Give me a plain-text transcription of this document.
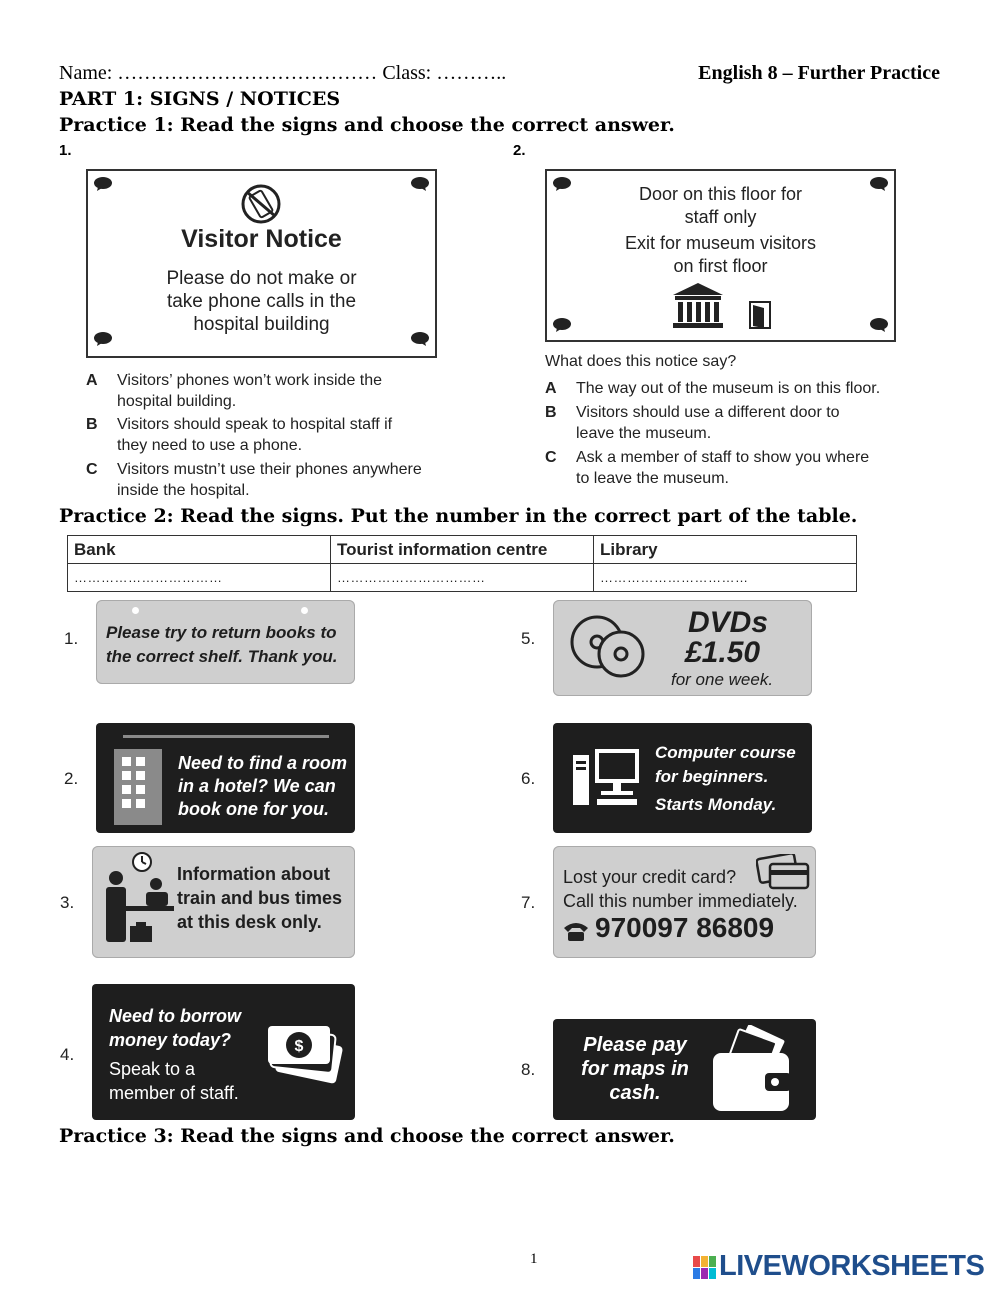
Name: ………………………………… Class: ………..	English 8 – Further Practice
PART 1: SIGNS / NOTICES
Practice 1: Read the signs and choose the correct answer.
1.
Visitor Notice
Please do not make or
take phone calls in the
hospital building
A Visitors’ phones won’t work inside the
hospital building.
B Visitors should speak to hospital staff if
they need to use a phone.
C Visitors mustn’t use their phones anywhere
inside the hospital.
2.
Door on this floor for
staff only
Exit for museum visitors
on first floor
What does this notice say?
A The way out of the museum is on this floor.
B Visitors should use a different door to
leave the museum.
C Ask a member of staff to show you where
to leave the museum.
Practice 2: Read the signs. Put the number in the correct part of the table.
Bank	Tourist information centre	Library
……………………………	……………………………	……………………………
1. Please try to return books to
the correct shelf. Thank you.
2.
Need to find a room
in a hotel? We can
book one for you.
3.
Information about
train and bus times
at this desk only.
4.
Need to borrow
money today?
Speak to a
member of staff.
$
5.	DVDs
£1.50
for one week.
6.
Computer course
for beginners.
Starts Monday.
7.
Lost your credit card?
Call this number immediately.
970097 86809
8.
Please pay
for maps in
cash.
Practice 3: Read the signs and choose the correct answer.
1	LIVEWORKSHEETS
